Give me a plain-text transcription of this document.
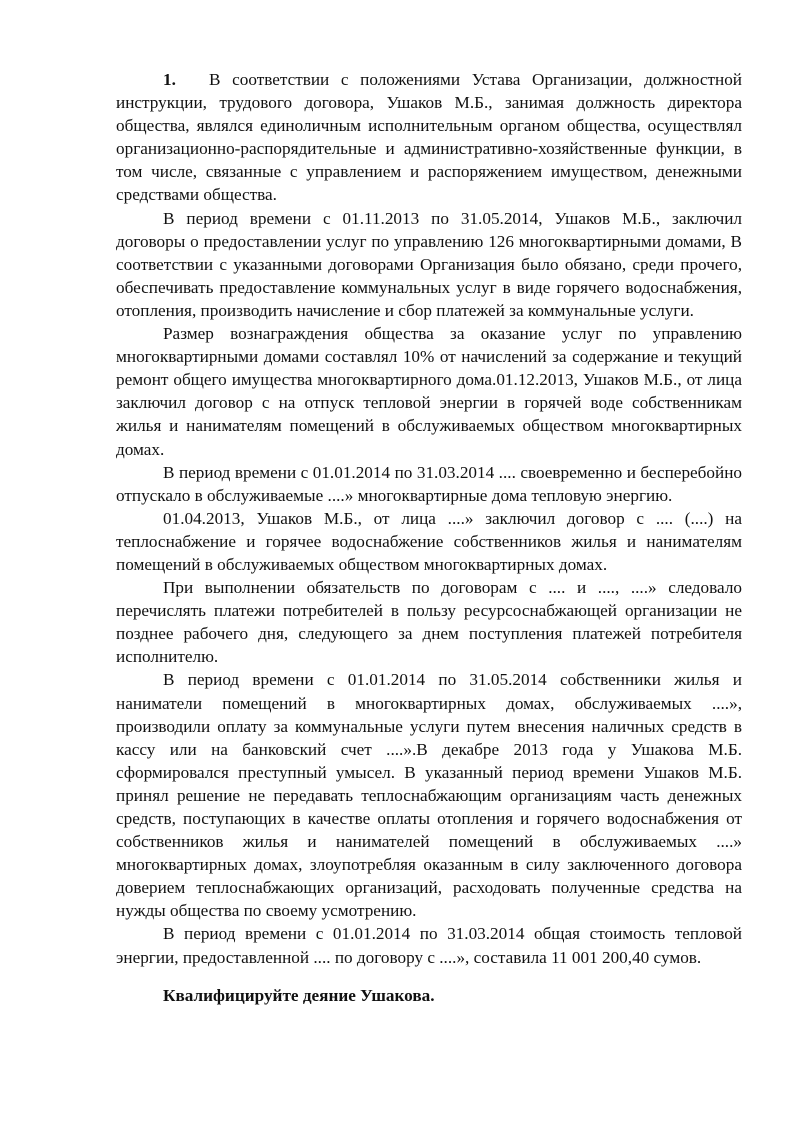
1. В соответствии с положениями Устава Организации, должностной инструкции, трудового договора, Ушаков М.Б., занимая должность директора общества, являлся единоличным исполнительным органом общества, осуществлял организационно-распорядительные и административно-хозяйственные функции, в том числе, связанные с управлением и распоряжением имуществом, денежными средствами общества.

В период времени с 01.11.2013 по 31.05.2014, Ушаков М.Б., заключил договоры о предоставлении услуг по управлению 126 многоквартирными домами, В соответствии с указанными договорами Организация было обязано, среди прочего, обеспечивать предоставление коммунальных услуг в виде горячего водоснабжения, отопления, производить начисление и сбор платежей за коммунальные услуги.

Размер вознаграждения общества за оказание услуг по управлению многоквартирными домами составлял 10% от начислений за содержание и текущий ремонт общего имущества многоквартирного дома.01.12.2013, Ушаков М.Б., от лица заключил договор с на отпуск тепловой энергии в горячей воде собственникам жилья и нанимателям помещений в обслуживаемых обществом многоквартирных домах.

В период времени с 01.01.2014 по 31.03.2014 .... своевременно и бесперебойно отпускало в обслуживаемые ....» многоквартирные дома тепловую энергию.

01.04.2013, Ушаков М.Б., от лица ....» заключил договор с .... (....) на теплоснабжение и горячее водоснабжение собственников жилья и нанимателям помещений в обслуживаемых обществом многоквартирных домах.

При выполнении обязательств по договорам с .... и ...., ....» следовало перечислять платежи потребителей в пользу ресурсоснабжающей организации не позднее рабочего дня, следующего за днем поступления платежей потребителя исполнителю.

В период времени с 01.01.2014 по 31.05.2014 собственники жилья и наниматели помещений в многоквартирных домах, обслуживаемых ....», производили оплату за коммунальные услуги путем внесения наличных средств в кассу или на банковский счет ....».В декабре 2013 года у Ушакова М.Б. сформировался преступный умысел. В указанный период времени Ушаков М.Б. принял решение не передавать теплоснабжающим организациям часть денежных средств, поступающих в качестве оплаты отопления и горячего водоснабжения от собственников жилья и нанимателей помещений в обслуживаемых ....» многоквартирных домах, злоупотребляя оказанным в силу заключенного договора доверием теплоснабжающих организаций, расходовать полученные средства на нужды общества по своему усмотрению.

В период времени с 01.01.2014 по 31.03.2014 общая стоимость тепловой энергии, предоставленной .... по договору с ....», составила 11 001 200,40 сумов.

Квалифицируйте деяние Ушакова.
